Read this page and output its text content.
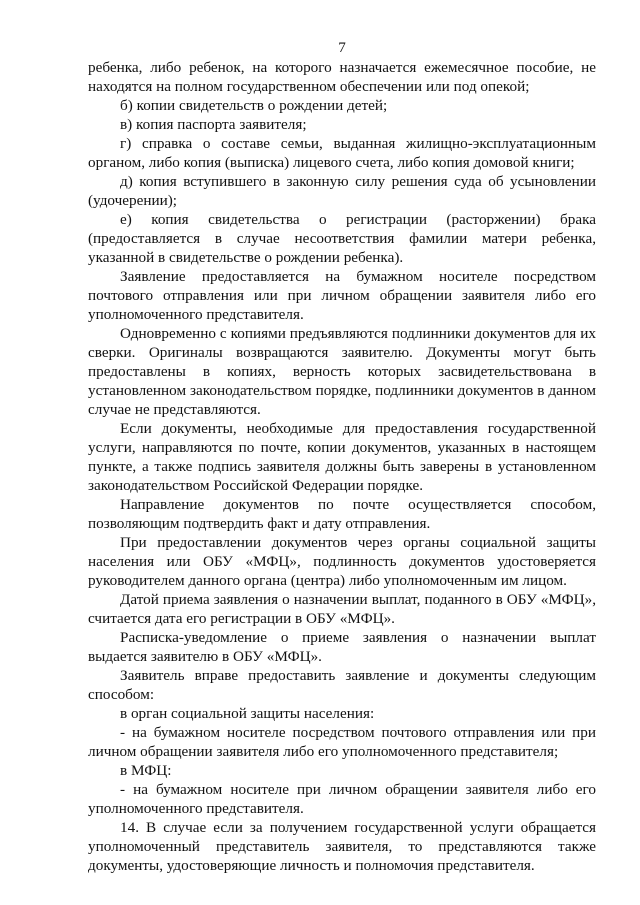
7

ребенка, либо ребенок, на которого назначается ежемесячное пособие, не находятся на полном государственном обеспечении или под опекой;

б) копии свидетельств о рождении детей;

в) копия паспорта заявителя;

г) справка о составе семьи, выданная жилищно-эксплуатационным органом, либо копия (выписка) лицевого счета, либо копия домовой книги;

д) копия вступившего в законную силу решения суда об усыновлении (удочерении);

е) копия свидетельства о регистрации (расторжении) брака (предоставляется в случае несоответствия фамилии матери ребенка, указанной в свидетельстве о рождении ребенка).

Заявление предоставляется на бумажном носителе посредством почтового отправления или при личном обращении заявителя либо его уполномоченного представителя.

Одновременно с копиями предъявляются подлинники документов для их сверки. Оригиналы возвращаются заявителю. Документы могут быть предоставлены в копиях, верность которых засвидетельствована в установленном законодательством порядке, подлинники документов в данном случае не представляются.

Если документы, необходимые для предоставления государственной услуги, направляются по почте, копии документов, указанных в настоящем пункте, а также подпись заявителя должны быть заверены в установленном законодательством Российской Федерации порядке.

Направление документов по почте осуществляется способом, позволяющим подтвердить факт и дату отправления.

При предоставлении документов через органы социальной защиты населения или ОБУ «МФЦ», подлинность документов удостоверяется руководителем данного органа (центра) либо уполномоченным им лицом.

Датой приема заявления о назначении выплат, поданного в ОБУ «МФЦ», считается дата его регистрации в ОБУ «МФЦ».

Расписка-уведомление о приеме заявления о назначении выплат выдается заявителю в ОБУ «МФЦ».

Заявитель вправе предоставить заявление и документы следующим способом:

в орган социальной защиты населения:

- на бумажном носителе посредством почтового отправления или при личном обращении заявителя либо его уполномоченного представителя;

в МФЦ:

- на бумажном носителе при личном обращении заявителя либо его уполномоченного представителя.

14. В случае если за получением государственной услуги обращается уполномоченный представитель заявителя, то представляются также документы, удостоверяющие личность и полномочия представителя.
